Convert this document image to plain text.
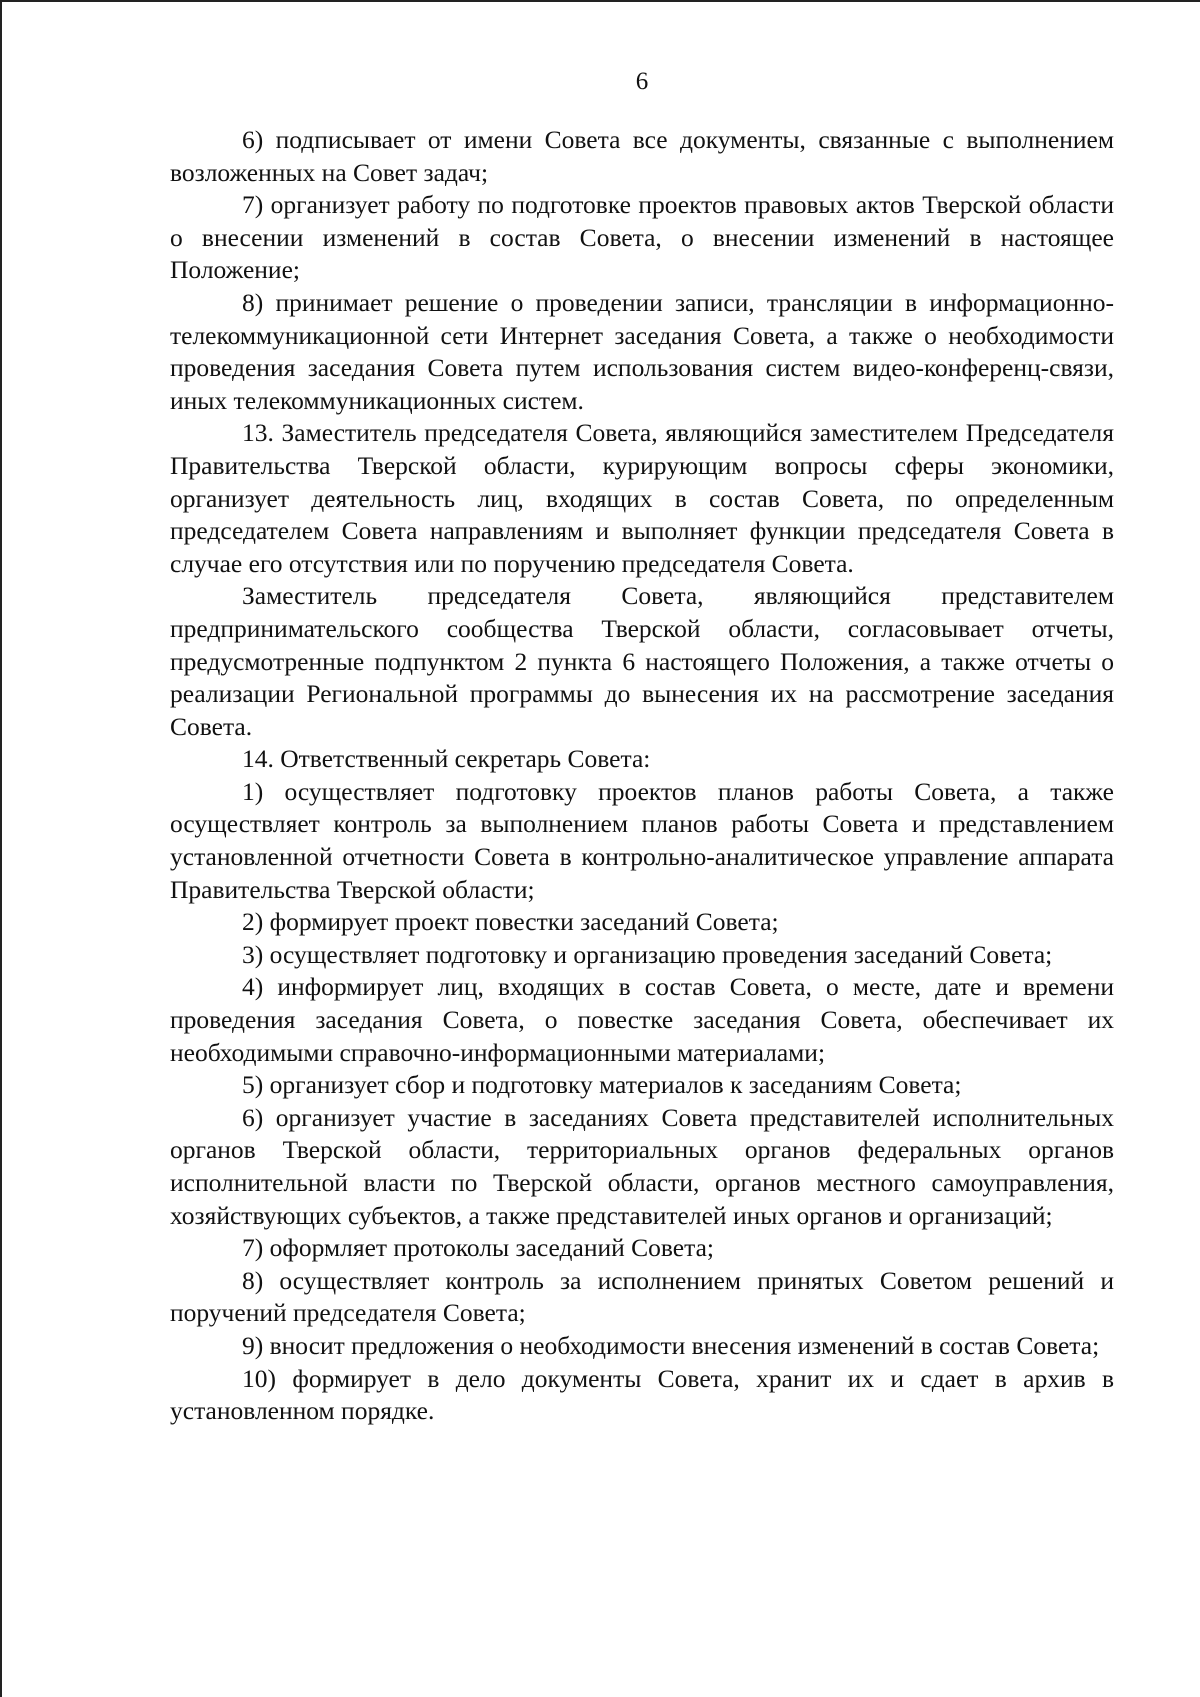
6

6) подписывает от имени Совета все документы, связанные с выполнением возложенных на Совет задач;

7) организует работу по подготовке проектов правовых актов Тверской области о внесении изменений в состав Совета, о внесении изменений в настоящее Положение;

8) принимает решение о проведении записи, трансляции в информационно-телекоммуникационной сети Интернет заседания Совета, а также о необходимости проведения заседания Совета путем использования систем видео-конференц-связи, иных телекоммуникационных систем.

13. Заместитель председателя Совета, являющийся заместителем Председателя Правительства Тверской области, курирующим вопросы сферы экономики, организует деятельность лиц, входящих в состав Совета, по определенным председателем Совета направлениям и выполняет функции председателя Совета в случае его отсутствия или по поручению председателя Совета.

Заместитель председателя Совета, являющийся представителем предпринимательского сообщества Тверской области, согласовывает отчеты, предусмотренные подпунктом 2 пункта 6 настоящего Положения, а также отчеты о реализации Региональной программы до вынесения их на рассмотрение заседания Совета.

14. Ответственный секретарь Совета:

1) осуществляет подготовку проектов планов работы Совета, а также осуществляет контроль за выполнением планов работы Совета и представлением установленной отчетности Совета в контрольно-аналитическое управление аппарата Правительства Тверской области;

2) формирует проект повестки заседаний Совета;

3) осуществляет подготовку и организацию проведения заседаний Совета;

4) информирует лиц, входящих в состав Совета, о месте, дате и времени проведения заседания Совета, о повестке заседания Совета, обеспечивает их необходимыми справочно-информационными материалами;

5) организует сбор и подготовку материалов к заседаниям Совета;

6) организует участие в заседаниях Совета представителей исполнительных органов Тверской области, территориальных органов федеральных органов исполнительной власти по Тверской области, органов местного самоуправления, хозяйствующих субъектов, а также представителей иных органов и организаций;

7) оформляет протоколы заседаний Совета;

8) осуществляет контроль за исполнением принятых Советом решений и поручений председателя Совета;

9) вносит предложения о необходимости внесения изменений в состав Совета;

10) формирует в дело документы Совета, хранит их и сдает в архив в установленном порядке.
